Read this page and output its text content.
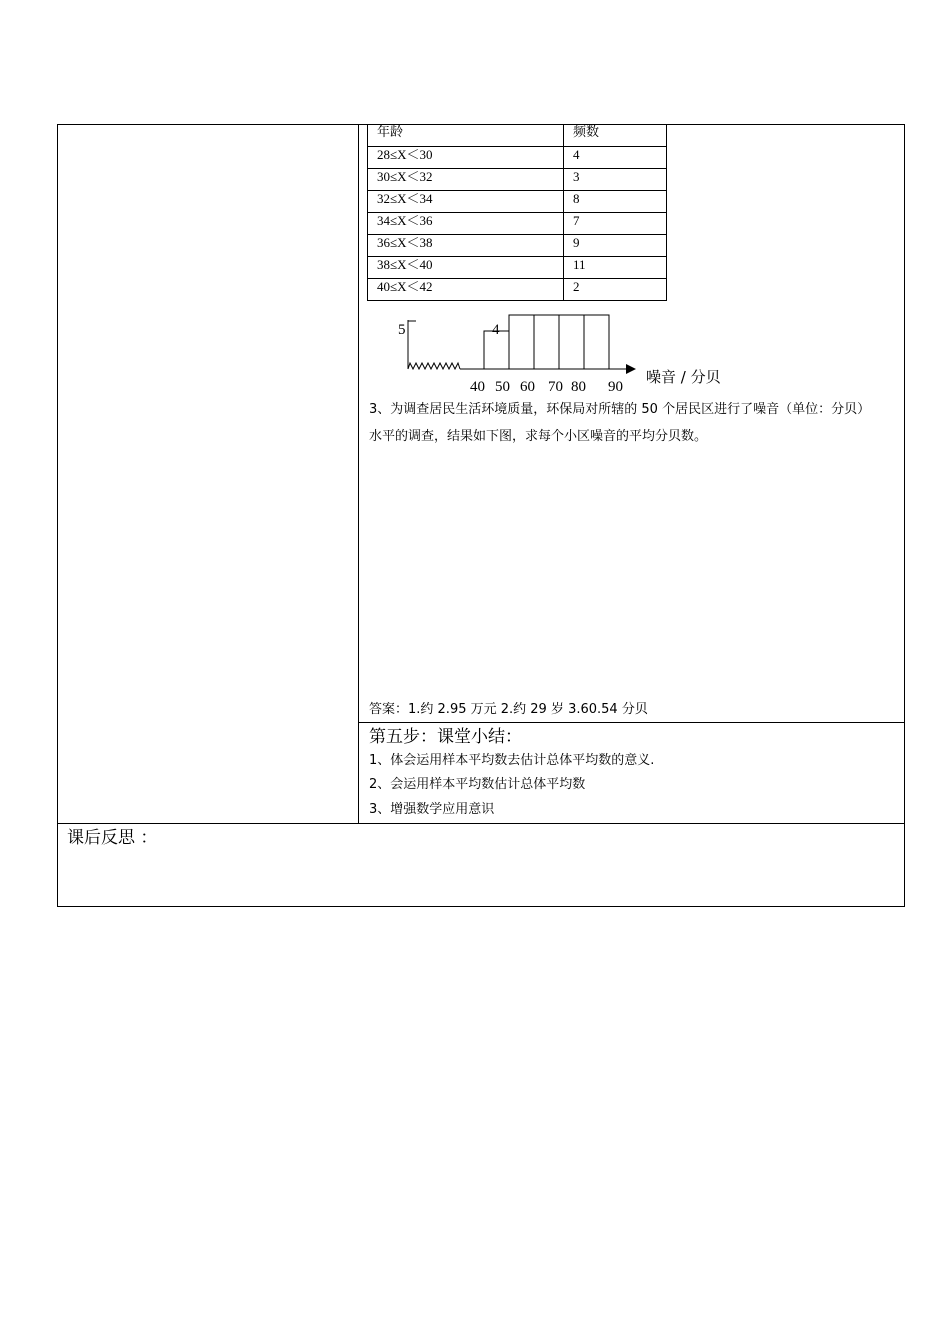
年龄	频数
28≤X＜30	4
30≤X＜32	3
32≤X＜34	8
34≤X＜36	7
36≤X＜38	9
38≤X＜40	11
40≤X＜42	2
5	4
40 50 60 70 80 90
噪音 / 分贝
3、为调查居民生活环境质量，环保局对所辖的 50 个居民区进行了噪音（单位：分贝）
水平的调查，结果如下图，求每个小区噪音的平均分贝数。
答案：1.约 2.95 万元 2.约 29 岁 3.60.54 分贝
第五步：课堂小结：
1、体会运用样本平均数去估计总体平均数的意义.
2、会运用样本平均数估计总体平均数
3、增强数学应用意识
课后反思 ：
